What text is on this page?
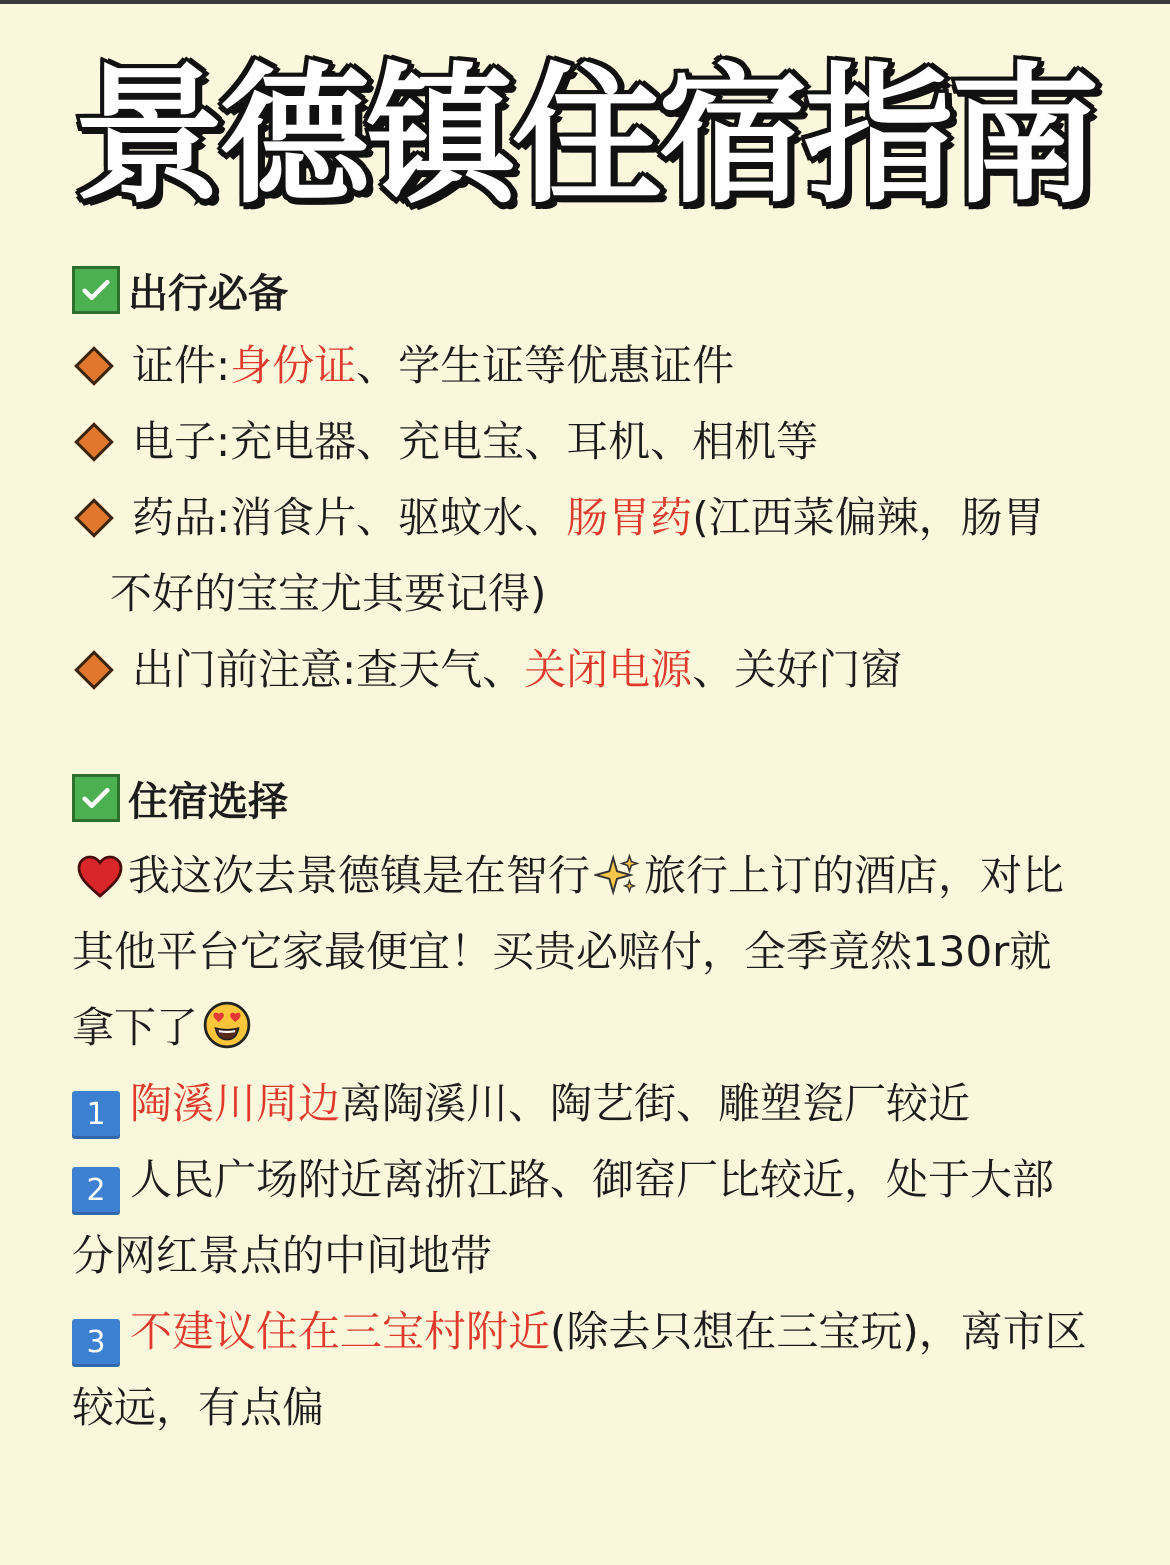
景德镇住宿指南
出行必备
证件:身份证、学生证等优惠证件
电子:充电器、充电宝、耳机、相机等
药品:消食片、驱蚊水、肠胃药(江西菜偏辣，肠胃
不好的宝宝尤其要记得)
出门前注意:查天气、关闭电源、关好门窗
住宿选择
我这次去景德镇是在智行 旅行上订的酒店，对比
其他平台它家最便宜！买贵必赔付，全季竟然130r就
拿下了
1 陶溪川周边离陶溪川、陶艺街、雕塑瓷厂较近
2 人民广场附近离浙江路、御窑厂比较近，处于大部
分网红景点的中间地带
3 不建议住在三宝村附近(除去只想在三宝玩)，离市区
较远，有点偏
